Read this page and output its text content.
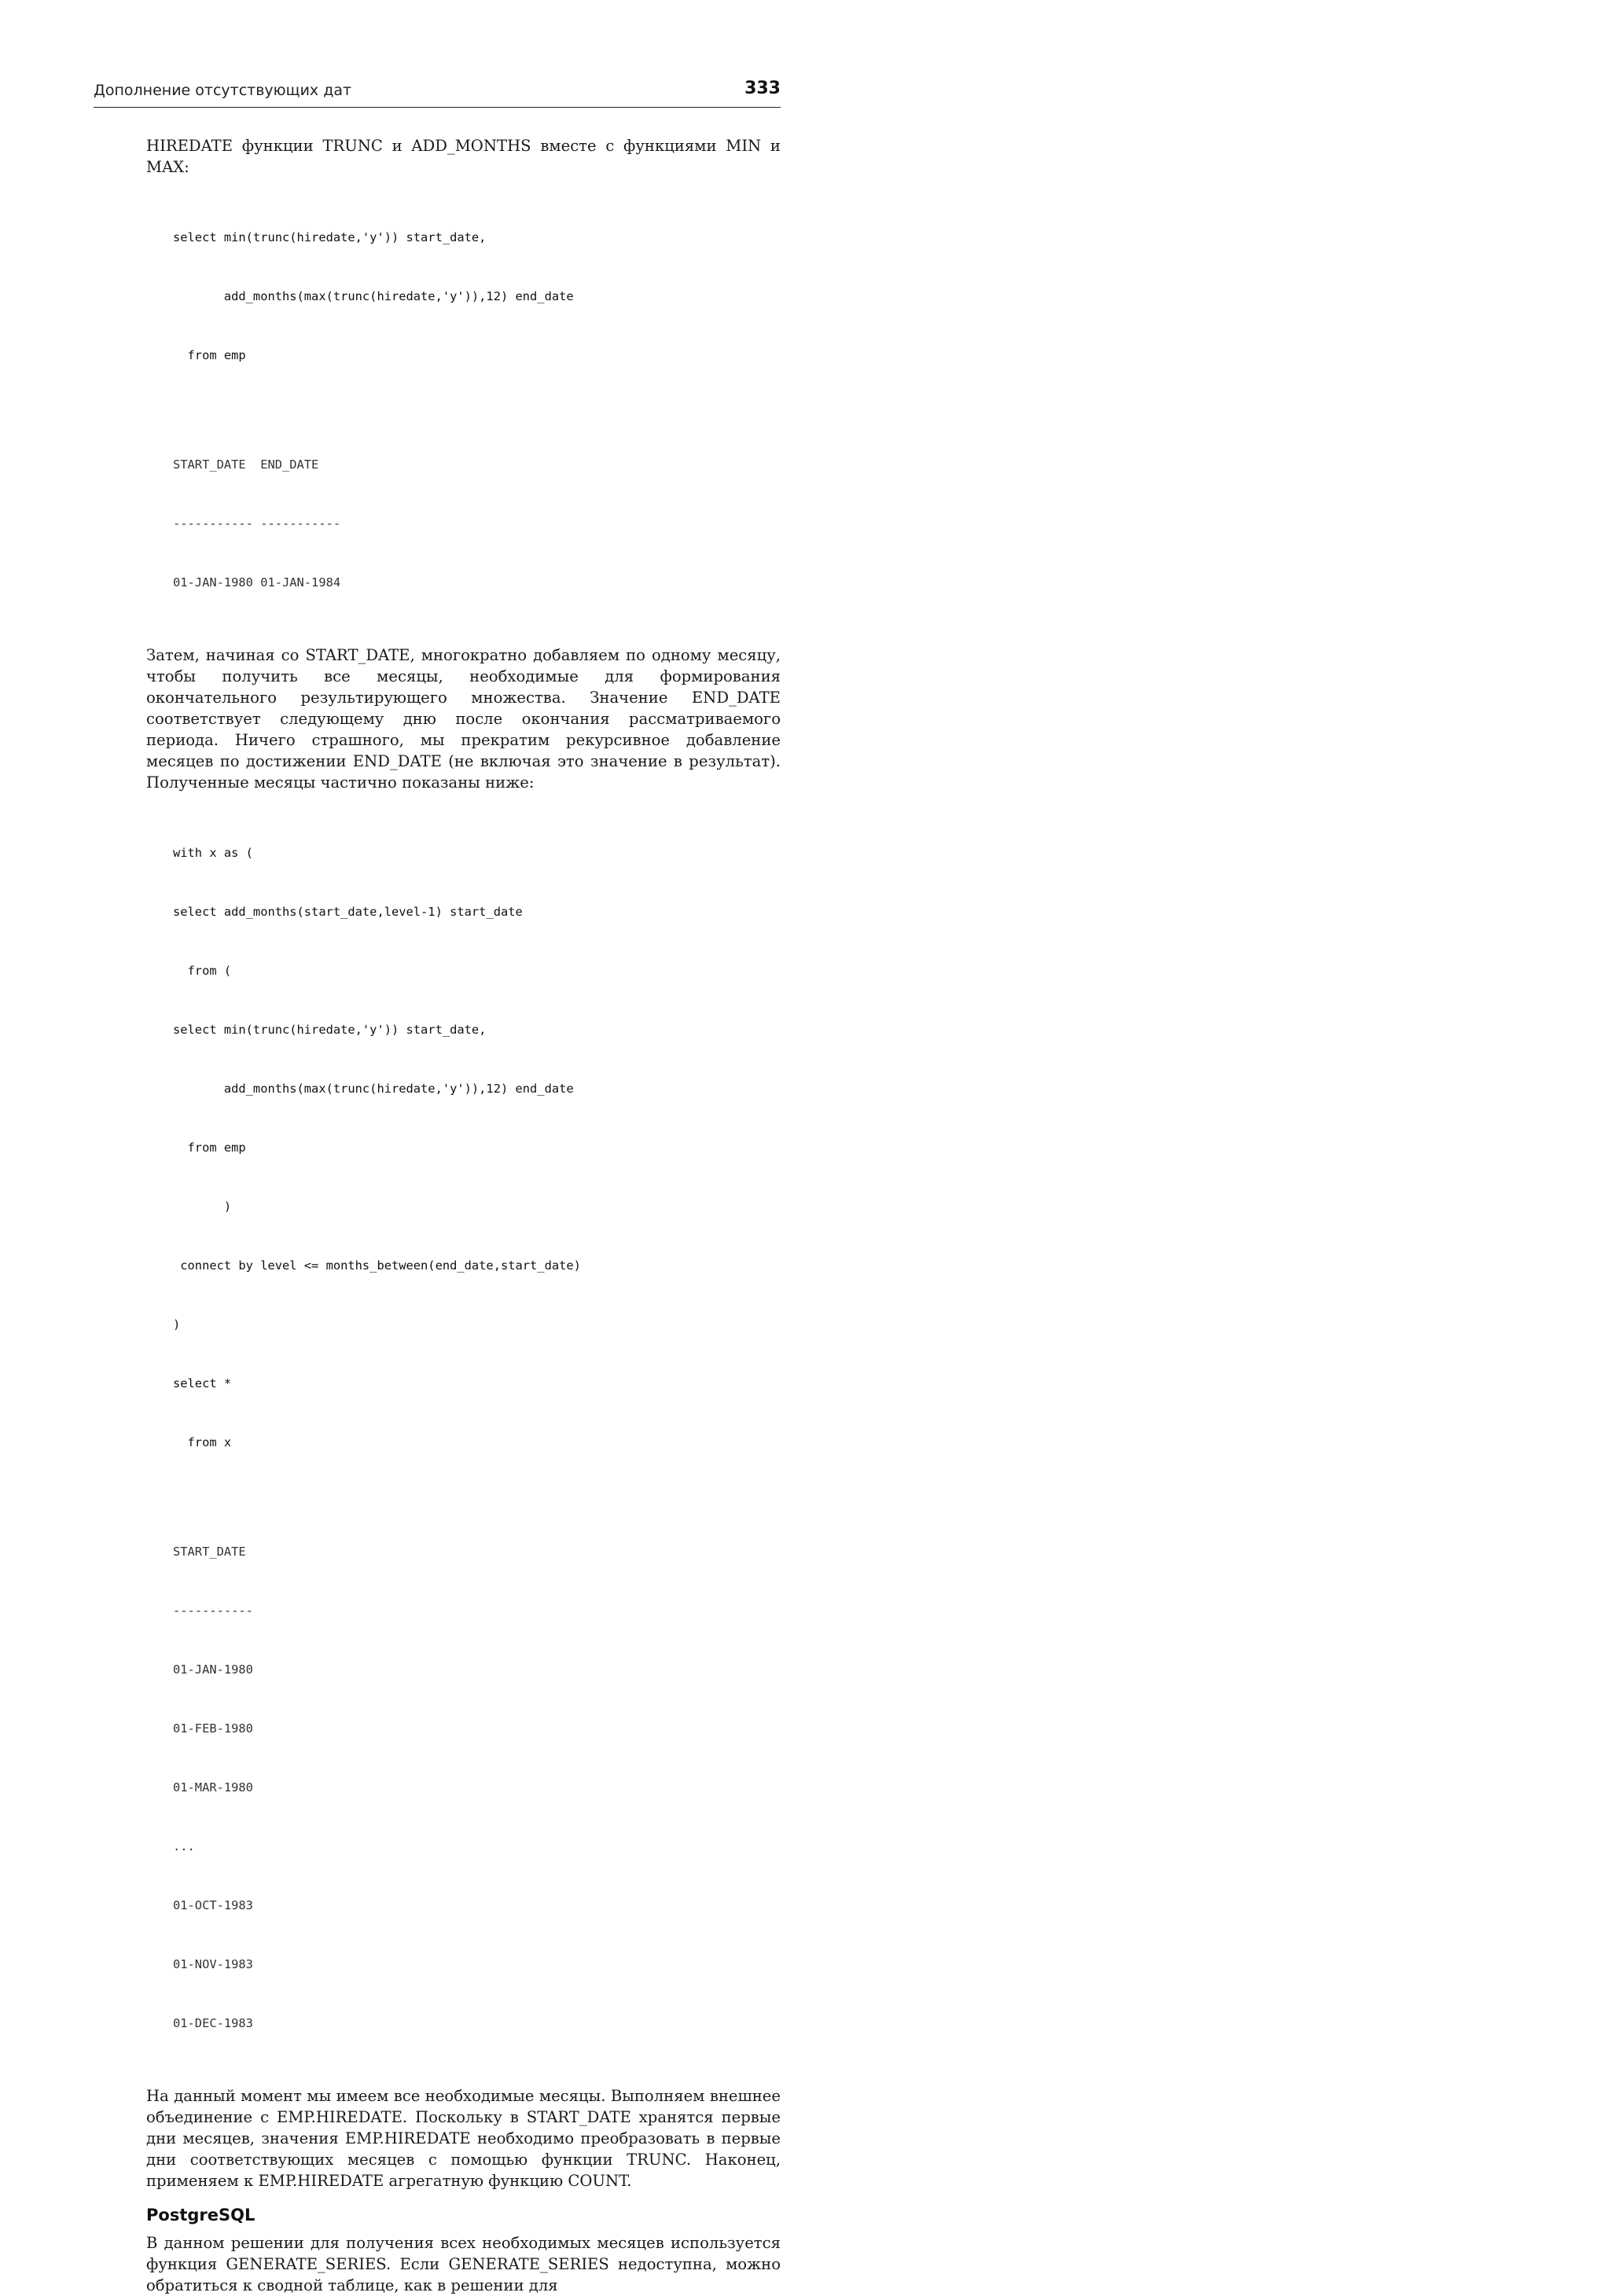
Дополнение отсутствующих дат	333

HIREDATE функции TRUNC и ADD_MONTHS вместе с функциями MIN и MAX:

select min(trunc(hiredate,'y')) start_date,

add_months(max(trunc(hiredate,'y')),12) end_date

from emp

START_DATE  END_DATE

----------- -----------

01-JAN-1980 01-JAN-1984

Затем, начиная со START_DATE, многократно добавляем по одному месяцу, чтобы получить все месяцы, необходимые для формирования окончательного результирующего множества. Значение END_DATE соответствует следующему дню после окончания рассматриваемого периода. Ничего страшного, мы прекратим рекурсивное добавление месяцев по достижении END_DATE (не включая это значение в результат). Полученные месяцы частично показаны ниже:

with x as (

select add_months(start_date,level-1) start_date

from (

select min(trunc(hiredate,'y')) start_date,

add_months(max(trunc(hiredate,'y')),12) end_date

from emp

)

connect by level <= months_between(end_date,start_date)

)

select *

from x

START_DATE

-----------

01-JAN-1980

01-FEB-1980

01-MAR-1980

...

01-OCT-1983

01-NOV-1983

01-DEC-1983

На данный момент мы имеем все необходимые месяцы. Выполняем внешнее объединение с EMP.HIREDATE. Поскольку в START_DATE хранятся первые дни месяцев, значения EMP.HIREDATE необходимо преобразовать в первые дни соответствующих месяцев с помощью функции TRUNC. Наконец, применяем к EMP.HIREDATE агрегатную функцию COUNT.

PostgreSQL

В данном решении для получения всех необходимых месяцев используется функция GENERATE_SERIES. Если GENERATE_SERIES недоступна, можно обратиться к сводной таблице, как в решении для
